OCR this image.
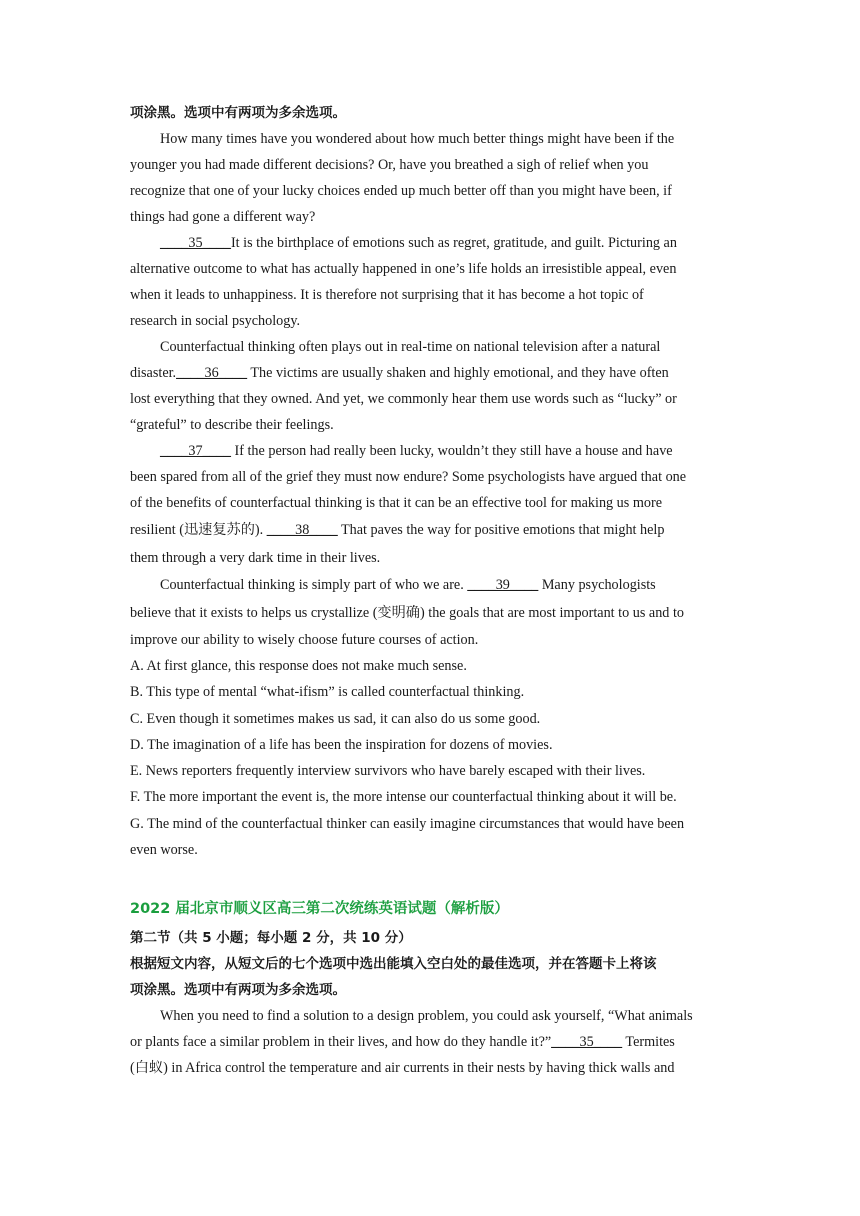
项涂黑。选项中有两项为多余选项。
How many times have you wondered about how much better things might have been if the
younger you had made different decisions? Or, have you breathed a sigh of relief when you
recognize that one of your lucky choices ended up much better off than you might have been, if
things had gone a different way?
____35____It is the birthplace of emotions such as regret, gratitude, and guilt. Picturing an
alternative outcome to what has actually happened in one’s life holds an irresistible appeal, even
when it leads to unhappiness. It is therefore not surprising that it has become a hot topic of
research in social psychology.
Counterfactual thinking often plays out in real-time on national television after a natural
disaster.____36____ The victims are usually shaken and highly emotional, and they have often
lost everything that they owned. And yet, we commonly hear them use words such as “lucky” or
“grateful” to describe their feelings.
____37____ If the person had really been lucky, wouldn’t they still have a house and have
been spared from all of the grief they must now endure? Some psychologists have argued that one
of the benefits of counterfactual thinking is that it can be an effective tool for making us more
resilient (迅速复苏的). ____38____ That paves the way for positive emotions that might help
them through a very dark time in their lives.
Counterfactual thinking is simply part of who we are. ____39____ Many psychologists
believe that it exists to helps us crystallize (变明确) the goals that are most important to us and to
improve our ability to wisely choose future courses of action.
A. At first glance, this response does not make much sense.
B. This type of mental “what-ifism” is called counterfactual thinking.
C. Even though it sometimes makes us sad, it can also do us some good.
D. The imagination of a life has been the inspiration for dozens of movies.
E. News reporters frequently interview survivors who have barely escaped with their lives.
F. The more important the event is, the more intense our counterfactual thinking about it will be.
G. The mind of the counterfactual thinker can easily imagine circumstances that would have been
even worse.
2022 届北京市顺义区高三第二次统练英语试题（解析版）
第二节（共 5 小题；每小题 2 分，共 10 分）
根据短文内容，从短文后的七个选项中选出能填入空白处的最佳选项，并在答题卡上将该
项涂黑。选项中有两项为多余选项。
When you need to find a solution to a design problem, you could ask yourself, “What animals
or plants face a similar problem in their lives, and how do they handle it?”____35____ Termites
(白蚁) in Africa control the temperature and air currents in their nests by having thick walls and
